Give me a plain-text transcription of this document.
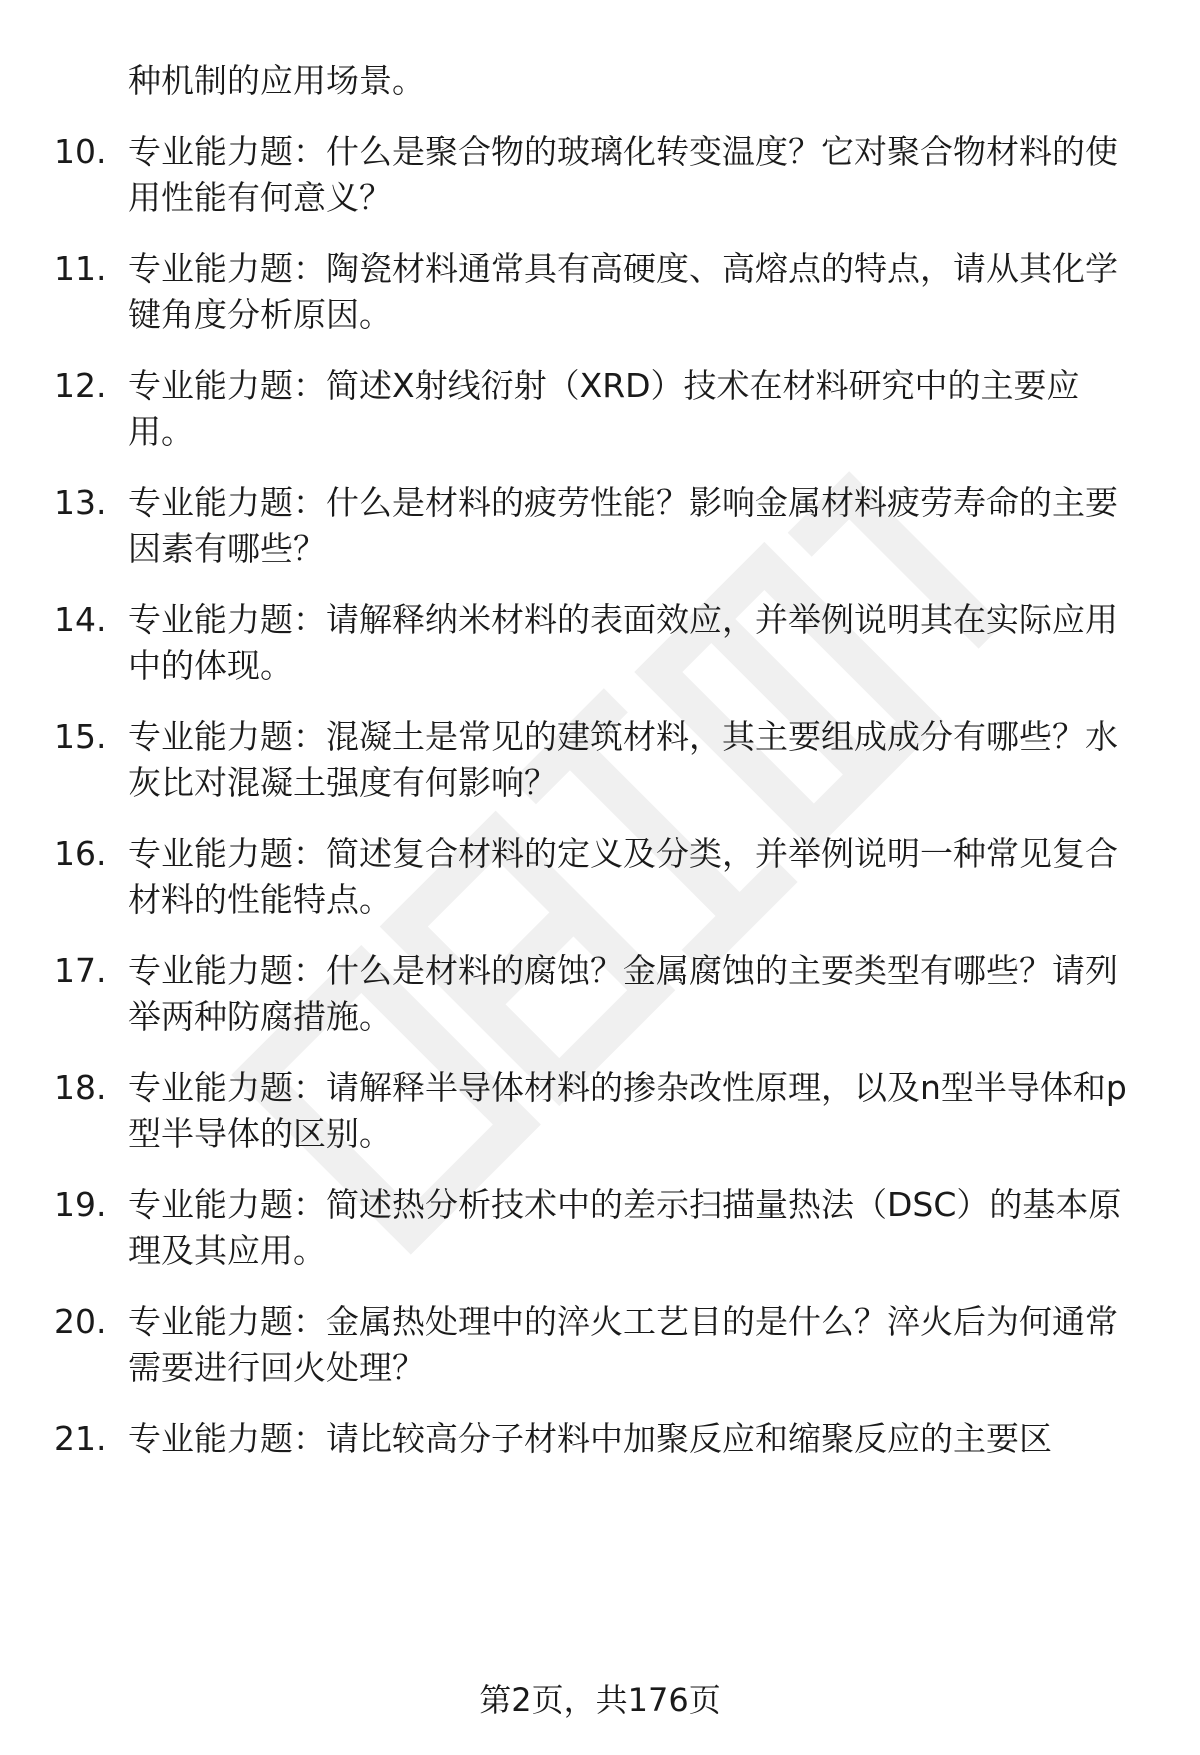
种机制的应用场景。
10. 专业能力题：什么是聚合物的玻璃化转变温度？它对聚合物材料的使用性能有何意义？
11. 专业能力题：陶瓷材料通常具有高硬度、高熔点的特点，请从其化学键角度分析原因。
12. 专业能力题：简述X射线衍射（XRD）技术在材料研究中的主要应用。
13. 专业能力题：什么是材料的疲劳性能？影响金属材料疲劳寿命的主要因素有哪些？
14. 专业能力题：请解释纳米材料的表面效应，并举例说明其在实际应用中的体现。
15. 专业能力题：混凝土是常见的建筑材料，其主要组成成分有哪些？水灰比对混凝土强度有何影响？
16. 专业能力题：简述复合材料的定义及分类，并举例说明一种常见复合材料的性能特点。
17. 专业能力题：什么是材料的腐蚀？金属腐蚀的主要类型有哪些？请列举两种防腐措施。
18. 专业能力题：请解释半导体材料的掺杂改性原理，以及n型半导体和p型半导体的区别。
19. 专业能力题：简述热分析技术中的差示扫描量热法（DSC）的基本原理及其应用。
20. 专业能力题：金属热处理中的淬火工艺目的是什么？淬火后为何通常需要进行回火处理？
21. 专业能力题：请比较高分子材料中加聚反应和缩聚反应的主要区
第2页，共176页
